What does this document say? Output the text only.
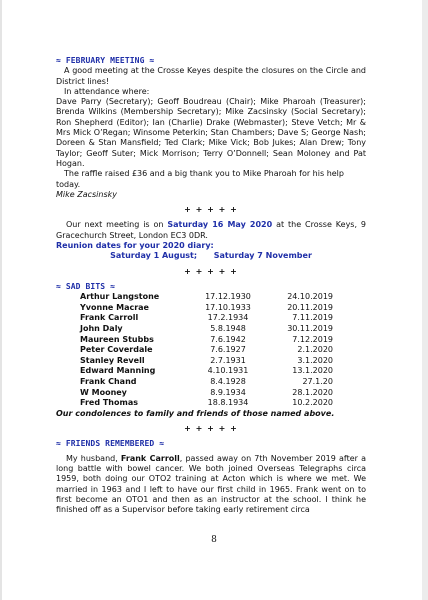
≈ FEBRUARY MEETING ≈

A good meeting at the Crosse Keyes despite the closures on the Circle and District lines!

In attendance where:

Dave Parry (Secretary); Geoff Boudreau (Chair); Mike Pharoah (Treasurer); Brenda Wilkins (Membership Secretary); Mike Zacsinsky (Social Secretary); Ron Shepherd (Editor); Ian (Charlie) Drake (Webmaster); Steve Vetch; Mr & Mrs Mick O’Regan; Winsome Peterkin; Stan Chambers; Dave S; George Nash; Doreen & Stan Mansfield; Ted Clark; Mike Vick; Bob Jukes; Alan Drew; Tony Taylor; Geoff Suter; Mick Morrison; Terry O’Donnell; Sean Moloney and Pat Hogan.

The raffle raised £36 and a big thank you to Mike Pharoah for his help today.

Mike Zacsinsky

+ + + + +

Our next meeting is on Saturday 16 May 2020 at the Crosse Keys, 9 Gracechurch Street, London EC3 0DR.

Reunion dates for your 2020 diary:

Saturday 1 August;      Saturday 7 November

+ + + + +
≈ SAD BITS ≈
Arthur Langstone	17.12.1930	24.10.2019
Yvonne Macrae	17.10.1933	20.11.2019
Frank Carroll	17.2.1934	7.11.2019
John Daly	5.8.1948	30.11.2019
Maureen Stubbs	7.6.1942	7.12.2019
Peter Coverdale	7.6.1927	2.1.2020
Stanley Revell	2.7.1931	3.1.2020
Edward Manning	4.10.1931	13.1.2020
Frank Chand	8.4.1928	27.1.20
W Mooney	8.9.1934	28.1.2020
Fred Thomas	18.8.1934	10.2.2020

Our condolences to family and friends of those named above.

+ + + + +
≈ FRIENDS REMEMBERED ≈

My husband, Frank Carroll, passed away on 7th November 2019 after a long battle with bowel cancer. We both joined Overseas Telegraphs circa 1959, both doing our OTO2 training at Acton which is where we met. We married in 1963 and I left to have our first child in 1965. Frank went on to first become an OTO1 and then as an instructor at the school. I think he finished off as a Supervisor before taking early retirement circa

8
